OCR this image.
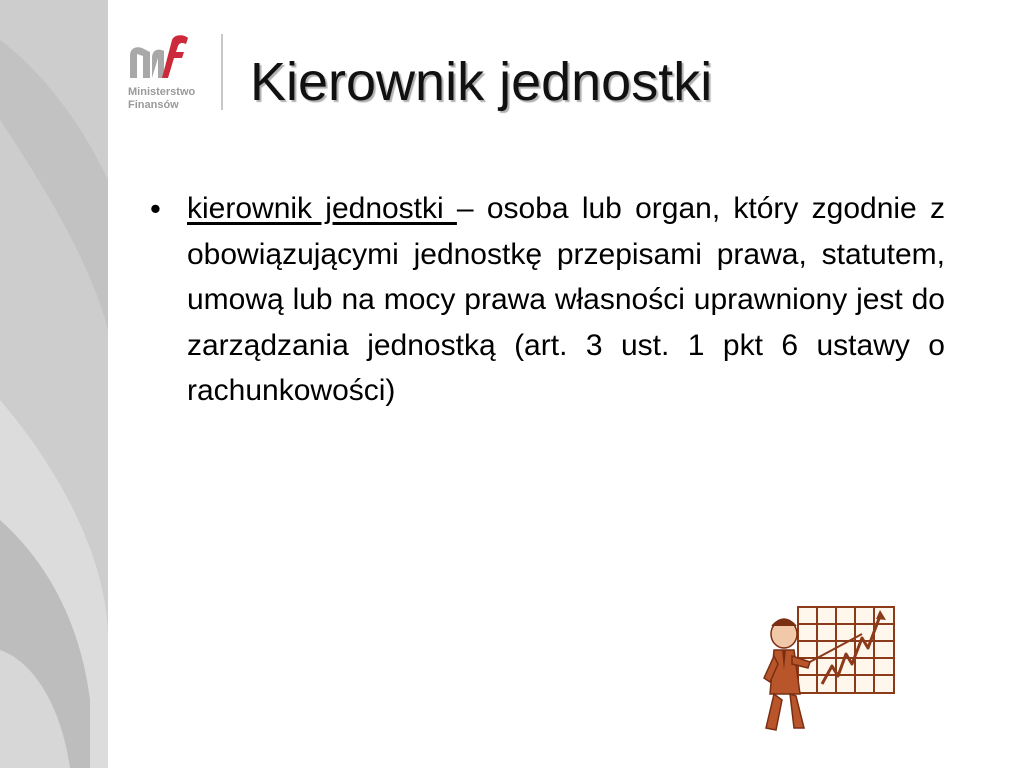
Ministerstwo
Finansów	Kierownik jednostki
• kierownik jednostki – osoba lub organ, który zgodnie z obowiązującymi jednostkę przepisami prawa, statutem, umową lub na mocy prawa własności uprawniony jest do zarządzania jednostką (art. 3 ust. 1 pkt 6 ustawy o rachunkowości)
